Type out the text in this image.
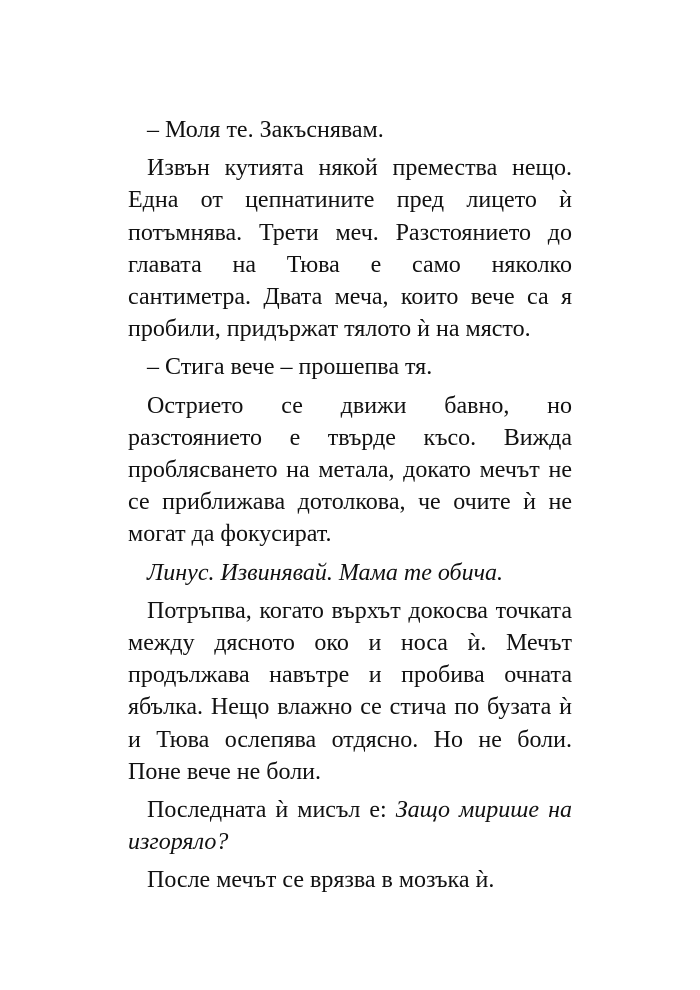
– Моля те. Закъснявам.

Извън кутията някой премества нещо. Една от цепнатините пред лицето ѝ потъмнява. Трети меч. Разстоянието до главата на Тюва е само няколко сантиметра. Двата меча, които вече са я пробили, придържат тялото ѝ на място.

– Стига вече – прошепва тя.

Острието се движи бавно, но разстоянието е твърде късо. Вижда проблясването на метала, докато мечът не се приближава дотолкова, че очите ѝ не могат да фокусират.

Линус. Извинявай. Мама те обича.

Потръпва, когато върхът докосва точката между дясното око и носа ѝ. Мечът продължава навътре и пробива очната ябълка. Нещо влажно се стича по бузата ѝ и Тюва ослепява отдясно. Но не боли. Поне вече не боли.

Последната ѝ мисъл е: Защо мирише на изгоряло?

После мечът се врязва в мозъка ѝ.
